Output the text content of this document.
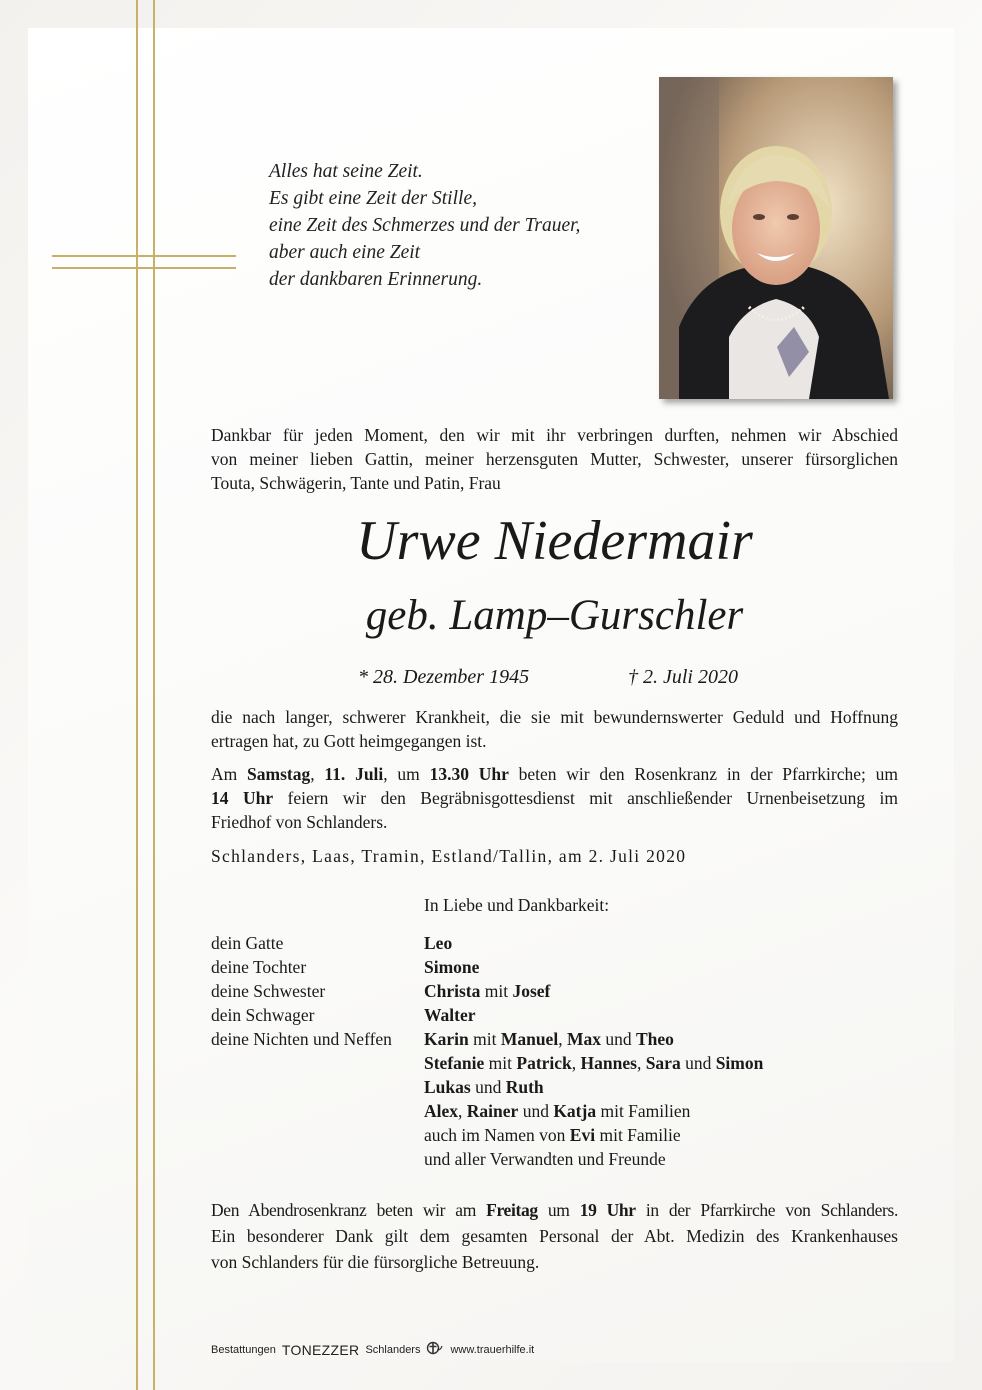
Alles hat seine Zeit.
Es gibt eine Zeit der Stille,
eine Zeit des Schmerzes und der Trauer,
aber auch eine Zeit
der dankbaren Erinnerung.
Dankbar für jeden Moment, den wir mit ihr verbringen durften, nehmen wir Abschied
von meiner lieben Gattin, meiner herzensguten Mutter, Schwester, unserer fürsorglichen
Touta, Schwägerin, Tante und Patin, Frau
Urwe Niedermair
geb. Lamp–Gurschler
* 28. Dezember 1945	† 2. Juli 2020
die nach langer, schwerer Krankheit, die sie mit bewundernswerter Geduld und Hoffnung
ertragen hat, zu Gott heimgegangen ist.
Am Samstag, 11. Juli, um 13.30 Uhr beten wir den Rosenkranz in der Pfarrkirche; um
14 Uhr feiern wir den Begräbnisgottesdienst mit anschließender Urnenbeisetzung im
Friedhof von Schlanders.
Schlanders, Laas, Tramin, Estland/Tallin, am 2. Juli 2020
In Liebe und Dankbarkeit:
dein Gatte	Leo
deine Tochter	Simone
deine Schwester	Christa mit Josef
dein Schwager	Walter
deine Nichten und Neffen	Karin mit Manuel, Max und Theo
Stefanie mit Patrick, Hannes, Sara und Simon
Lukas und Ruth
Alex, Rainer und Katja mit Familien
auch im Namen von Evi mit Familie
und aller Verwandten und Freunde
Den Abendrosenkranz beten wir am Freitag um 19 Uhr in der Pfarrkirche von Schlanders.
Ein besonderer Dank gilt dem gesamten Personal der Abt. Medizin des Krankenhauses
von Schlanders für die fürsorgliche Betreuung.
Bestattungen TONEZZER Schlanders	www.trauerhilfe.it
